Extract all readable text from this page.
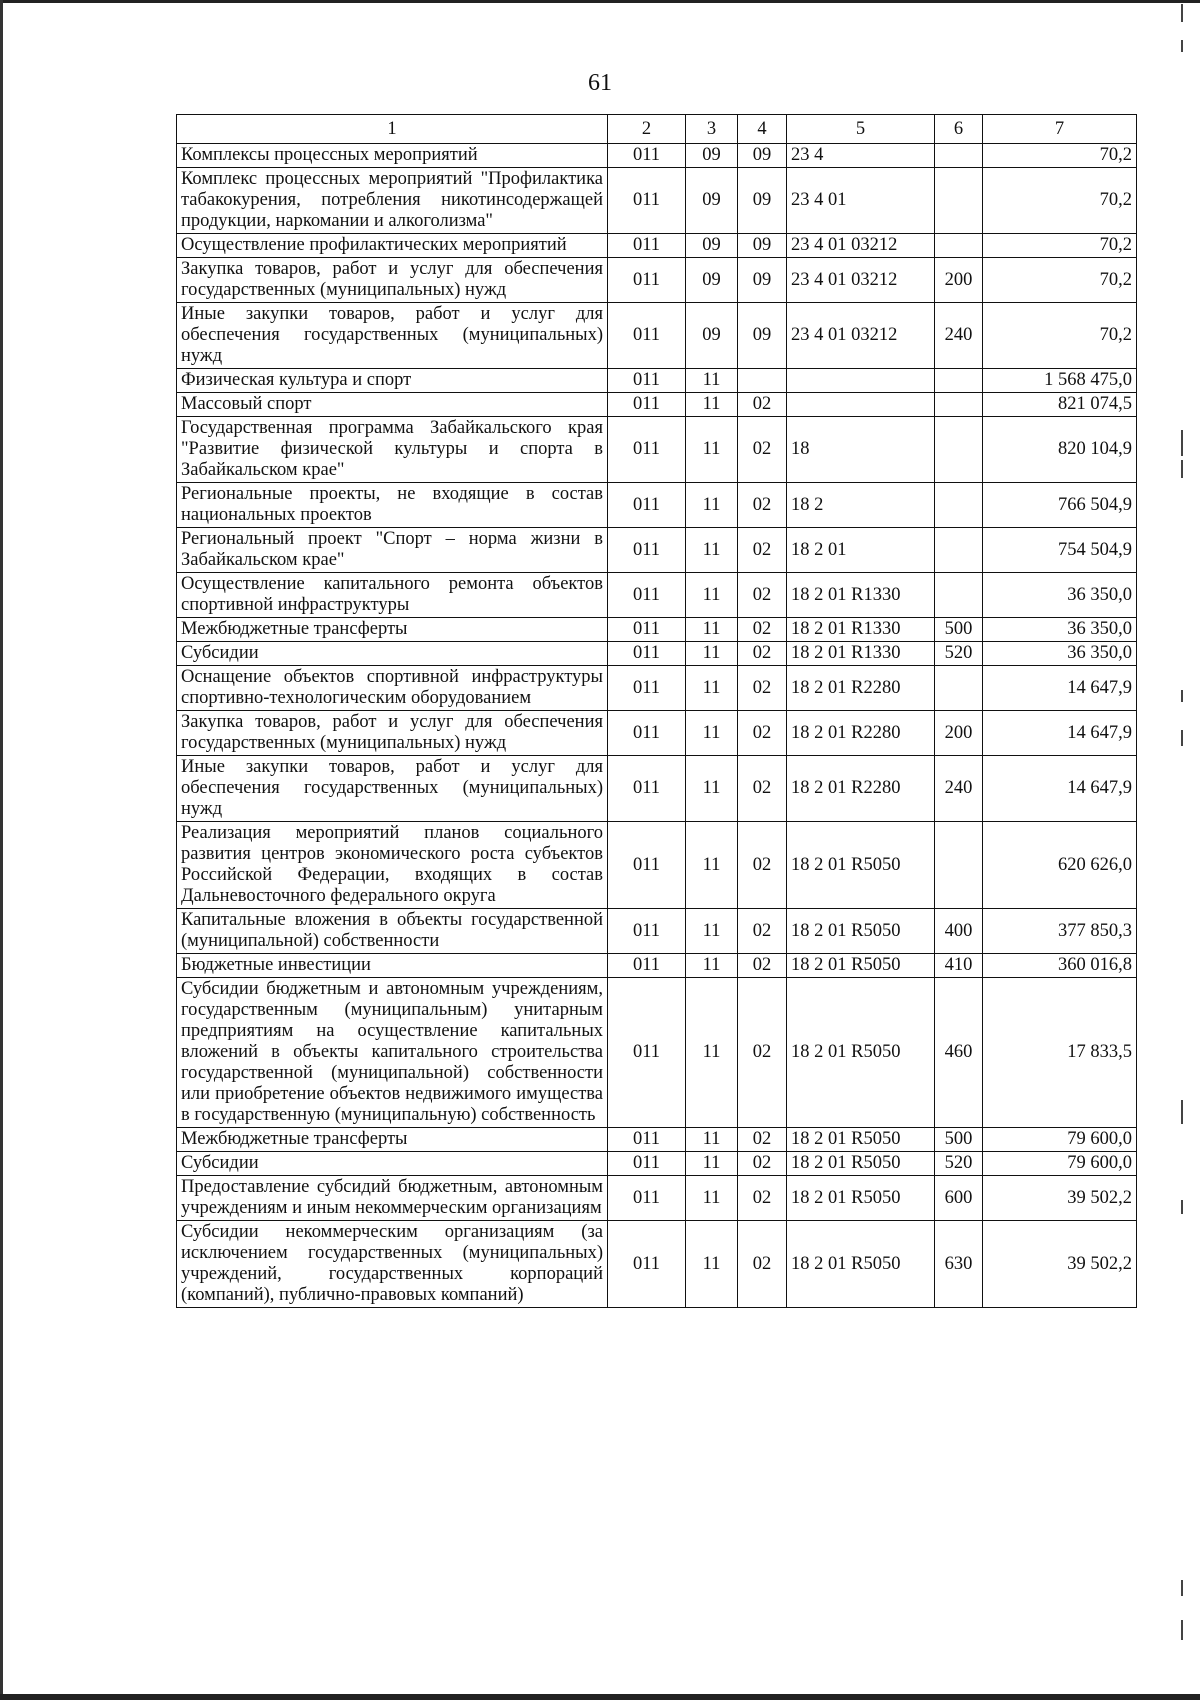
61
1	2	3	4	5	6	7
Комплексы процессных мероприятий	011	09	09	23 4		70,2
Комплекс процессных мероприятий "Профилактика табакокурения, потребления никотинсодержащей продукции, наркомании и алкоголизма"	011	09	09	23 4 01		70,2
Осуществление профилактических мероприятий	011	09	09	23 4 01 03212		70,2
Закупка товаров, работ и услуг для обеспечения государственных (муниципальных) нужд	011	09	09	23 4 01 03212	200	70,2
Иные закупки товаров, работ и услуг для обеспечения государственных (муниципальных) нужд	011	09	09	23 4 01 03212	240	70,2
Физическая культура и спорт	011	11				1 568 475,0
Массовый спорт	011	11	02			821 074,5
Государственная программа Забайкальского края "Развитие физической культуры и спорта в Забайкальском крае"	011	11	02	18		820 104,9
Региональные проекты, не входящие в состав национальных проектов	011	11	02	18 2		766 504,9
Региональный проект "Спорт – норма жизни в Забайкальском крае"	011	11	02	18 2 01		754 504,9
Осуществление капитального ремонта объектов спортивной инфраструктуры	011	11	02	18 2 01 R1330		36 350,0
Межбюджетные трансферты	011	11	02	18 2 01 R1330	500	36 350,0
Субсидии	011	11	02	18 2 01 R1330	520	36 350,0
Оснащение объектов спортивной инфраструктуры спортивно-технологическим оборудованием	011	11	02	18 2 01 R2280		14 647,9
Закупка товаров, работ и услуг для обеспечения государственных (муниципальных) нужд	011	11	02	18 2 01 R2280	200	14 647,9
Иные закупки товаров, работ и услуг для обеспечения государственных (муниципальных) нужд	011	11	02	18 2 01 R2280	240	14 647,9
Реализация мероприятий планов социального развития центров экономического роста субъектов Российской Федерации, входящих в состав Дальневосточного федерального округа	011	11	02	18 2 01 R5050		620 626,0
Капитальные вложения в объекты государственной (муниципальной) собственности	011	11	02	18 2 01 R5050	400	377 850,3
Бюджетные инвестиции	011	11	02	18 2 01 R5050	410	360 016,8
Субсидии бюджетным и автономным учреждениям, государственным (муниципальным) унитарным предприятиям на осуществление капитальных вложений в объекты капитального строительства государственной (муниципальной) собственности или приобретение объектов недвижимого имущества в государственную (муниципальную) собственность	011	11	02	18 2 01 R5050	460	17 833,5
Межбюджетные трансферты	011	11	02	18 2 01 R5050	500	79 600,0
Субсидии	011	11	02	18 2 01 R5050	520	79 600,0
Предоставление субсидий бюджетным, автономным учреждениям и иным некоммерческим организациям	011	11	02	18 2 01 R5050	600	39 502,2
Субсидии некоммерческим организациям (за исключением государственных (муниципальных) учреждений, государственных корпораций (компаний), публично-правовых компаний)	011	11	02	18 2 01 R5050	630	39 502,2
